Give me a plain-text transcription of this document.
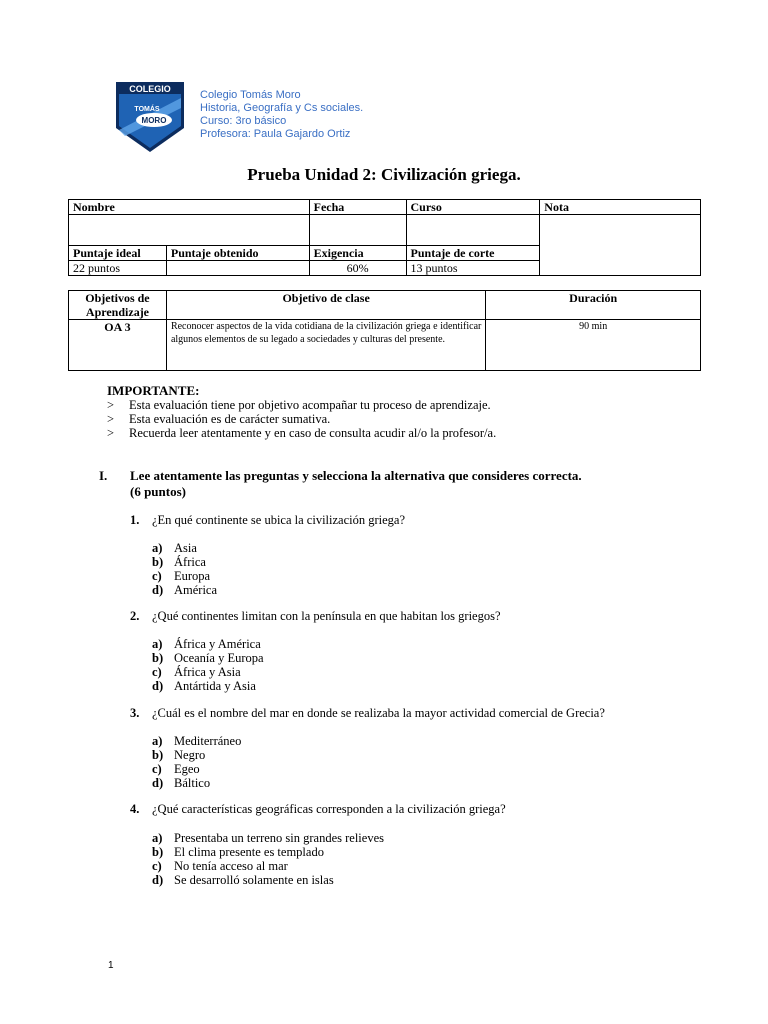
COLEGIO
TOMÁS
MORO
Colegio Tomás Moro
Historia, Geografía y Cs sociales.
Curso: 3ro básico
Profesora: Paula Gajardo Ortiz
Prueba Unidad 2: Civilización griega.
Nombre		Fecha	Curso	Nota

Puntaje ideal	Puntaje obtenido	Exigencia	Puntaje de corte	
22 puntos		60%	13 puntos	
Objetivos de Aprendizaje	Objetivo de clase	Duración
OA 3	Reconocer aspectos de la vida cotidiana de la civilización griega e identificar algunos elementos de su legado a sociedades y culturas del presente.	90 min
IMPORTANTE:
>	Esta evaluación tiene por objetivo acompañar tu proceso de aprendizaje.
>	Esta evaluación es de carácter sumativa.
>	Recuerda leer atentamente y en caso de consulta acudir al/o la profesor/a.
I. Lee atentamente las preguntas y selecciona la alternativa que consideres correcta.
(6 puntos)
1.	¿En qué continente se ubica la civilización griega?
a) Asia
b) África
c) Europa
d) América
2.	¿Qué continentes limitan con la península en que habitan los griegos?
a) África y América
b) Oceanía y Europa
c) África y Asia
d) Antártida y Asia
3.	¿Cuál es el nombre del mar en donde se realizaba la mayor actividad comercial de Grecia?
a) Mediterráneo
b) Negro
c) Egeo
d) Báltico
4.	¿Qué características geográficas corresponden a la civilización griega?
a) Presentaba un terreno sin grandes relieves
b) El clima presente es templado
c) No tenía acceso al mar
d) Se desarrolló solamente en islas
1
